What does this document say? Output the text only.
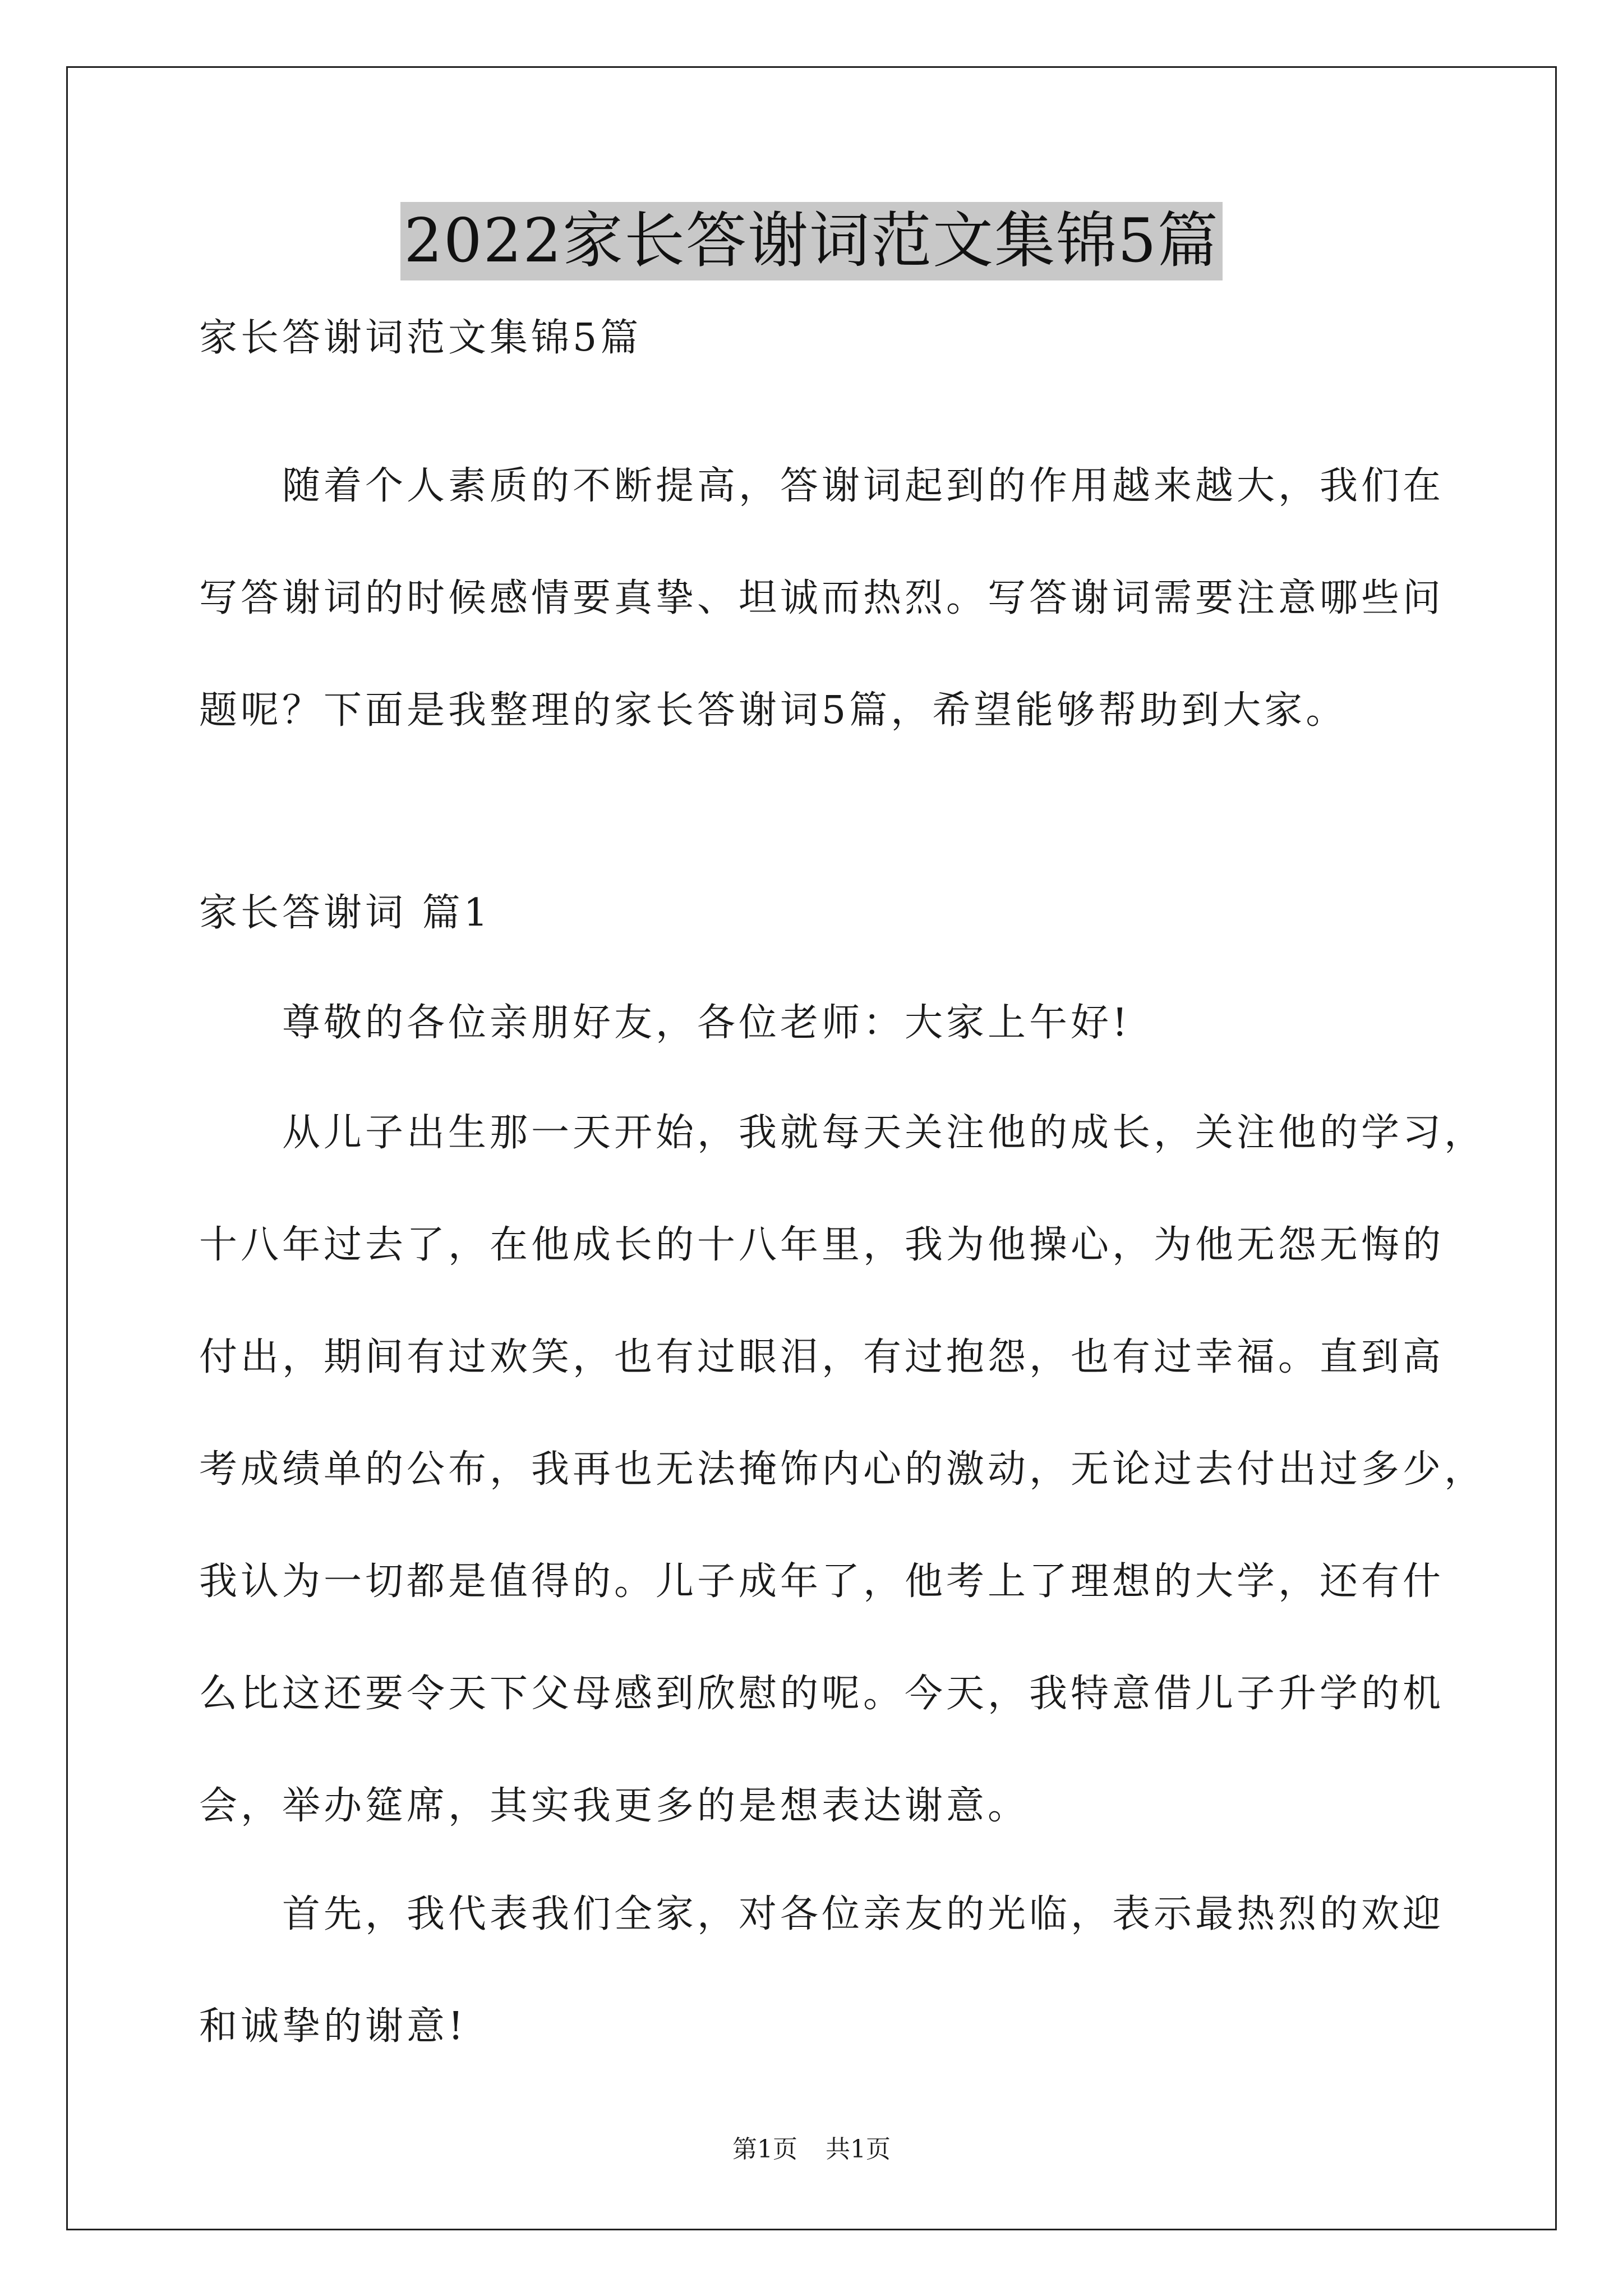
2022家长答谢词范文集锦5篇
家长答谢词范文集锦5篇
随着个人素质的不断提高，答谢词起到的作用越来越大，我们在
写答谢词的时候感情要真挚、坦诚而热烈。写答谢词需要注意哪些问
题呢？下面是我整理的家长答谢词5篇，希望能够帮助到大家。
家长答谢词 篇1
尊敬的各位亲朋好友，各位老师：大家上午好!
从儿子出生那一天开始，我就每天关注他的成长，关注他的学习，
十八年过去了，在他成长的十八年里，我为他操心，为他无怨无悔的
付出，期间有过欢笑，也有过眼泪，有过抱怨，也有过幸福。直到高
考成绩单的公布，我再也无法掩饰内心的激动，无论过去付出过多少，
我认为一切都是值得的。儿子成年了，他考上了理想的大学，还有什
么比这还要令天下父母感到欣慰的呢。今天，我特意借儿子升学的机
会，举办筵席，其实我更多的是想表达谢意。
首先，我代表我们全家，对各位亲友的光临，表示最热烈的欢迎
和诚挚的谢意!
第1页 共1页
